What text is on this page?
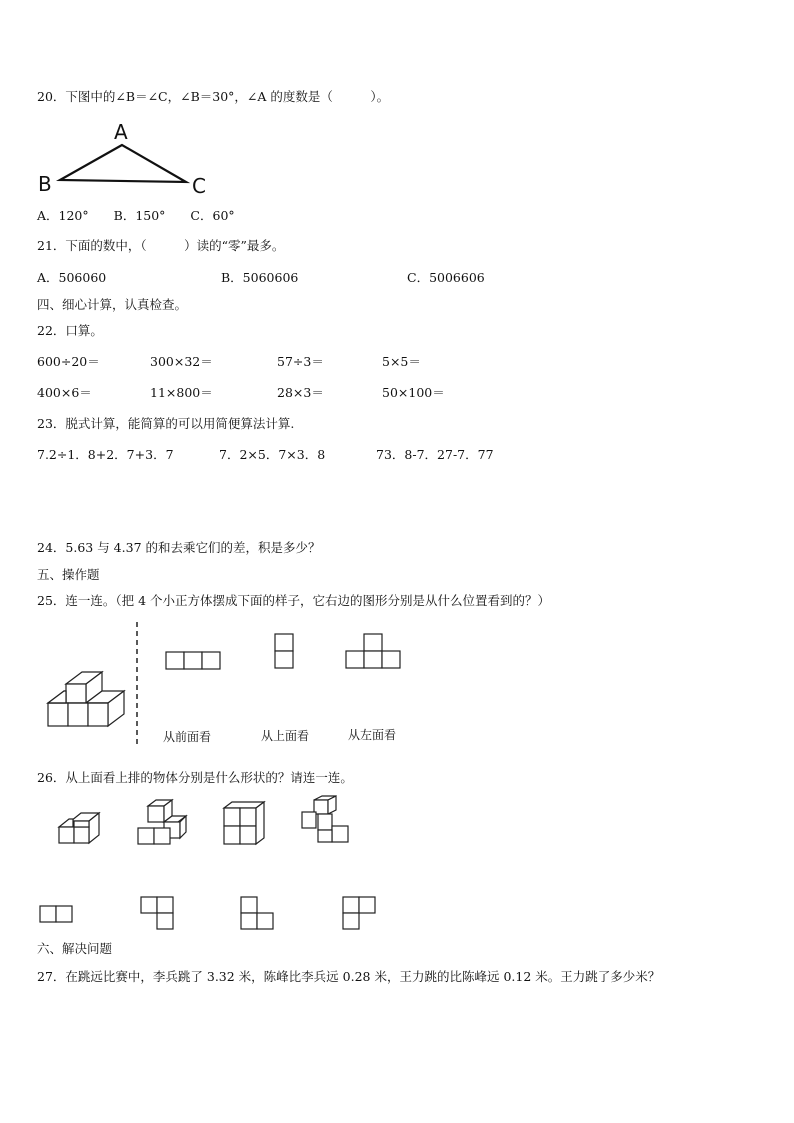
20．下图中的∠B＝∠C，∠B＝30°，∠A 的度数是（　　　）。
A
B	C
A．120°　　B．150°　　C．60°
21．下面的数中，（　　　）读的“零”最多。
A．506060	B．5060606	C．5006606
四、细心计算，认真检查。
22．口算。
600÷20＝	300×32＝	57÷3＝	5×5＝
400×6＝	11×800＝	28×3＝	50×100＝
23．脱式计算，能简算的可以用简便算法计算.
7.2÷1．8+2．7+3．7	7．2×5．7×3．8	73．8-7．27-7．77
24．5.63 与 4.37 的和去乘它们的差，积是多少？
五、操作题
25．连一连。（把 4 个小正方体摆成下面的样子，它右边的图形分别是从什么位置看到的？）
从前面看	从上面看	从左面看
26．从上面看上排的物体分别是什么形状的？请连一连。
六、解决问题
27．在跳远比赛中，李兵跳了 3.32 米，陈峰比李兵远 0.28 米，王力跳的比陈峰远 0.12 米。王力跳了多少米？
